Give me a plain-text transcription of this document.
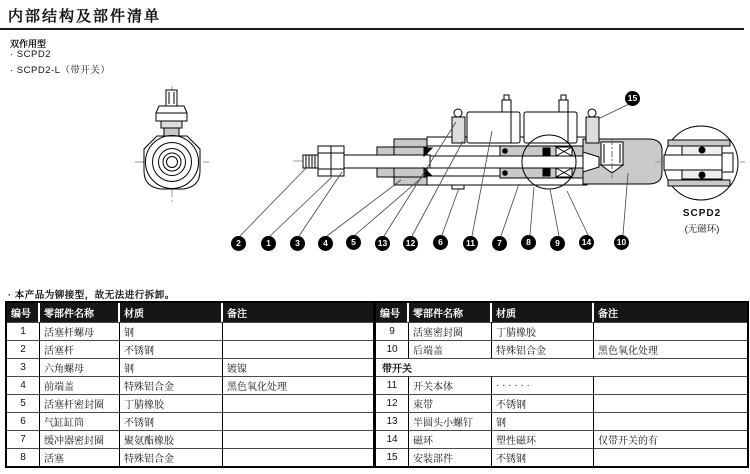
内部结构及部件清单
双作用型
· SCPD2
· SCPD2-L（带开关）
2	1	3	4	5	13	12	6	11	7	8	9	14	10
15
SCPD2
(无磁环)
· 本产品为铆接型，故无法进行拆卸。
编号	零部件名称	材质	备注
1	活塞杆螺母	钢
2	活塞杆	不锈钢
3	六角螺母	钢	镀镍
4	前端盖	特殊铝合金	黑色氧化处理
5	活塞杆密封圈	丁腈橡胶
6	气缸缸筒	不锈钢
7	缓冲器密封圈	聚氨酯橡胶
8	活塞	特殊铝合金
编号	零部件名称	材质	备注
9	活塞密封圈	丁腈橡胶
10	后端盖	特殊铝合金	黑色氧化处理
带开关
11	开关本体	· · · · · ·
12	束带	不锈钢
13	半圆头小螺钉	钢
14	磁环	塑性磁环	仅带开关的有
15	安装部件	不锈钢
